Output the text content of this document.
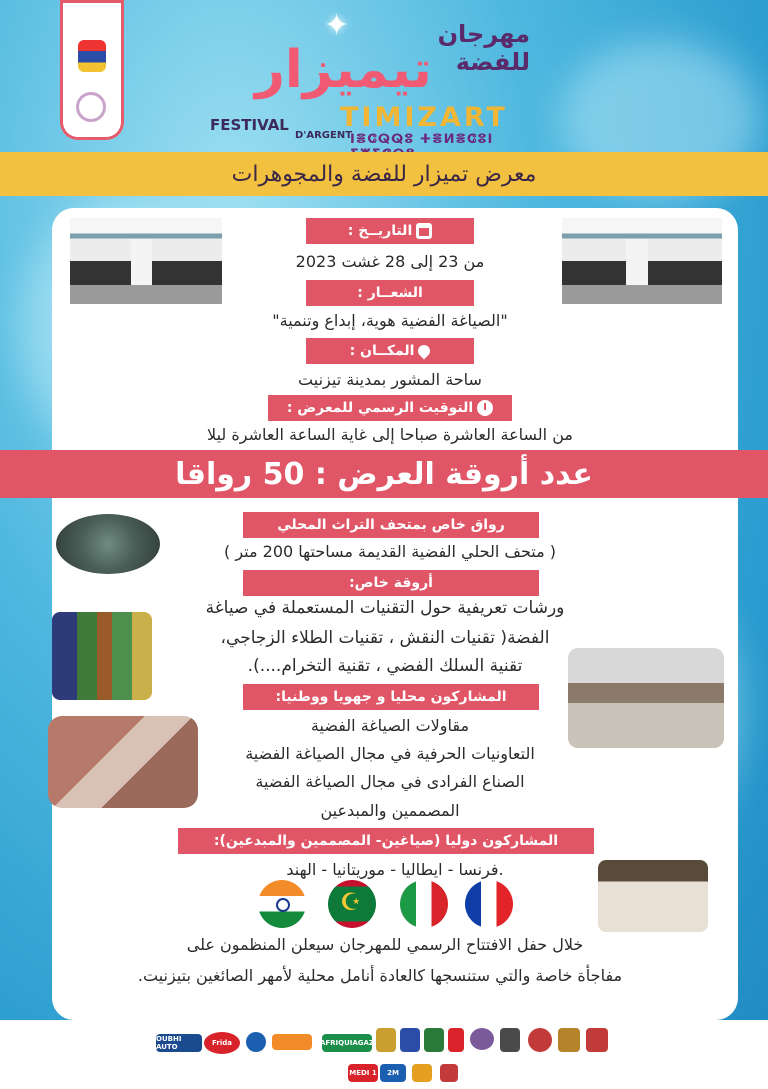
✦	مهرجان للفضة
تيميزار
FESTIVAL TIMIZART
D'ARGENT
ⵏⴻⵛⵕⵕⵓ ⵜⴻⵍⴻⵛⵓⵏ
معرض تميزار للفضة والمجوهرات
التاريــخ :
من 23 إلى 28 غشت 2023
الشعــار :
"الصياغة الفضية هوية، إبداع وتنمية"
المكــان :
ساحة المشور بمدينة تيزنيت
التوقيت الرسمي للمعرض :
من الساعة العاشرة صباحا إلى غاية الساعة العاشرة ليلا
عدد أروقة العرض : 50 رواقا
رواق خاص بمتحف التراث المحلي
( متحف الحلي الفضية القديمة مساحتها 200 متر )
أروقة خاص:
ورشات تعريفية حول التقنيات المستعملة في صياغة
الفضة( تقنيات النقش ، تقنيات الطلاء الزجاجي،
تقنية السلك الفضي ، تقنية التخرام....).
المشاركون محليا و جهويا ووطنيا:
مقاولات الصياغة الفضية
التعاونيات الحرفية في مجال الصياغة الفضية
الصناع الفرادى في مجال الصياغة الفضية
المصممين والمبدعين
المشاركون دوليا (صياغين- المصممين والمبدعين):
.فرنسا - ايطاليا - موريتانيا - الهند
☪
خلال حفل الافتتاح الرسمي للمهرجان سيعلن المنظمون على
مفاجأة خاصة والتي ستنسجها كالعادة أنامل محلية لأمهر الصائغين بتيزنيت.
OUBHI AUTO	Frida	AFRIQUIAGAZ
MEDI 1	2M
